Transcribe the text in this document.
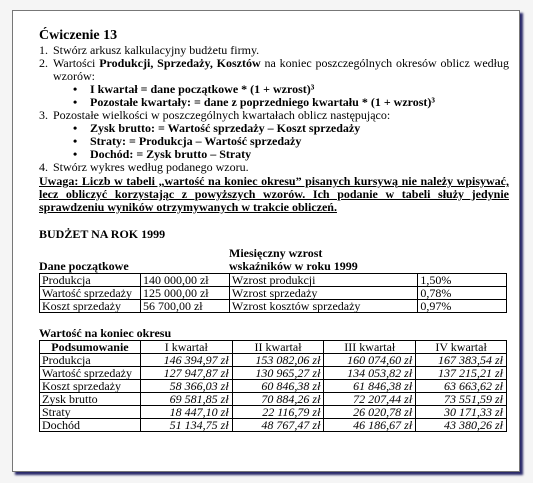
Ćwiczenie 13
1. Stwórz arkusz kalkulacyjny budżetu firmy.
2. Wartości Produkcji, Sprzedaży, Kosztów na koniec poszczególnych okresów oblicz według wzorów:
•	I kwartał = dane początkowe * (1 + wzrost)³
•	Pozostałe kwartały: = dane z poprzedniego kwartału * (1 + wzrost)³
3. Pozostałe wielkości w poszczególnych kwartałach oblicz następująco:
•	Zysk brutto: = Wartość sprzedaży – Koszt sprzedaży
•	Straty: = Produkcja – Wartość sprzedaży
•	Dochód: = Zysk brutto – Straty
4. Stwórz wykres według podanego wzoru.
Uwaga: Liczb w tabeli „wartość na koniec okresu” pisanych kursywą nie należy wpisywać, lecz obliczyć korzystając z powyższych wzorów. Ich podanie w tabeli służy jedynie sprawdzeniu wyników otrzymywanych w trakcie obliczeń.
BUDŻET NA ROK 1999
Dane początkowe
Miesięczny wzrost
wskaźników w roku 1999
Produkcja	140 000,00 zł	Wzrost produkcji	1,50%
Wartość sprzedaży	125 000,00 zł	Wzrost sprzedaży	0,78%
Koszt sprzedaży	56 700,00 zł	Wzrost kosztów sprzedaży	0,97%
Wartość na koniec okresu
Podsumowanie	I kwartał	II kwartał	III kwartał	IV kwartał
Produkcja	146 394,97 zł	153 082,06 zł	160 074,60 zł	167 383,54 zł
Wartość sprzedaży	127 947,87 zł	130 965,27 zł	134 053,82 zł	137 215,21 zł
Koszt sprzedaży	58 366,03 zł	60 846,38 zł	61 846,38 zł	63 663,62 zł
Zysk brutto	69 581,85 zł	70 884,26 zł	72 207,44 zł	73 551,59 zł
Straty	18 447,10 zł	22 116,79 zł	26 020,78 zł	30 171,33 zł
Dochód	51 134,75 zł	48 767,47 zł	46 186,67 zł	43 380,26 zł
